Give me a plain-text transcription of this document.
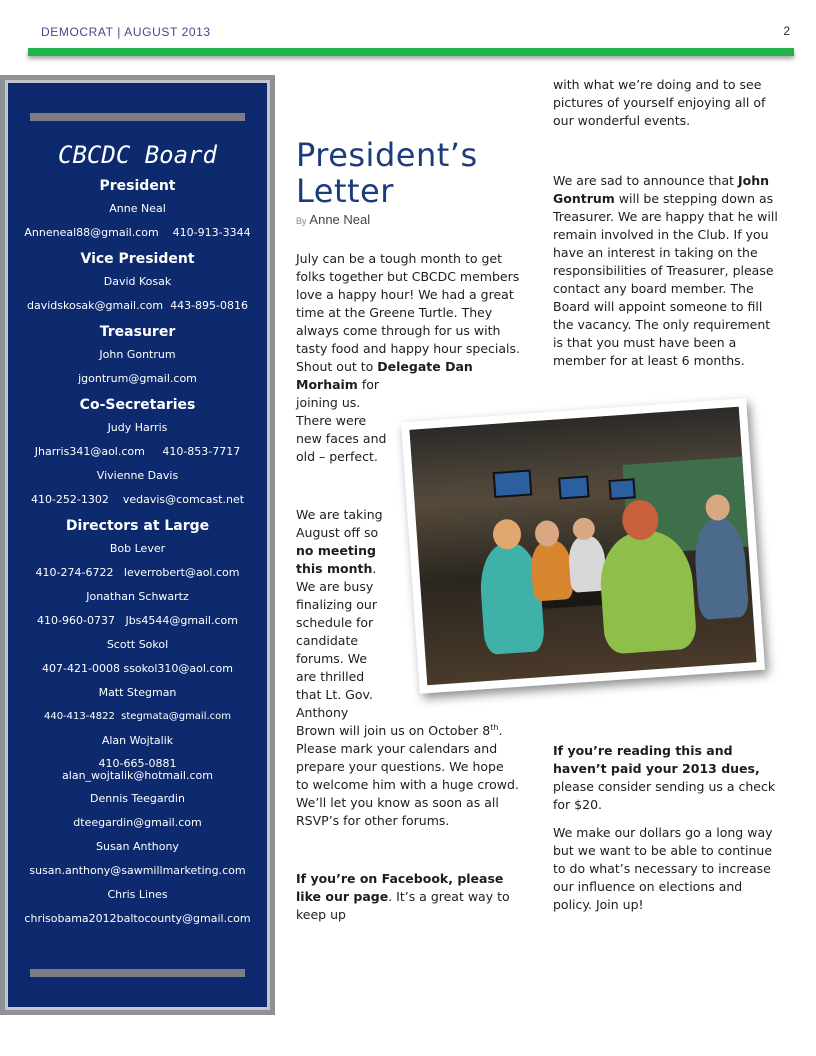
DEMOCRAT | AUGUST 2013	2
CBCDC Board
President
Anne Neal
Anneneal88@gmail.com    410-913-3344
Vice President
David Kosak
davidskosak@gmail.com  443-895-0816
Treasurer
John Gontrum
jgontrum@gmail.com
Co-Secretaries
Judy Harris
Jharris341@aol.com     410-853-7717
Vivienne Davis
410-252-1302    vedavis@comcast.net
Directors at Large
Bob Lever
410-274-6722   leverrobert@aol.com
Jonathan Schwartz
410-960-0737   Jbs4544@gmail.com
Scott Sokol
407-421-0008 ssokol310@aol.com
Matt Stegman
440-413-4822  stegmata@gmail.com
Alan Wojtalik
410-665-0881
alan_wojtalik@hotmail.com
Dennis Teegardin
dteegardin@gmail.com
Susan Anthony
susan.anthony@sawmillmarketing.com
Chris Lines
chrisobama2012baltocounty@gmail.com
President’s
Letter
By Anne Neal

July can be a tough month to get folks together but CBCDC members love a happy hour! We had a great time at the Greene Turtle. They always come through for us with tasty food and happy hour specials. Shout out to Delegate Dan Morhaim for

joining us.
There were
new faces and
old – perfect.

We are taking August off so no meeting this month. We are busy finalizing our schedule for candidate forums. We are thrilled that Lt. Gov. Anthony

Brown will join us on October 8th. Please mark your calendars and prepare your questions. We hope to welcome him with a huge crowd. We’ll let you know as soon as all RSVP’s for other forums.

If you’re on Facebook, please like our page. It’s a great way to keep up

with what we’re doing and to see pictures of yourself enjoying all of our wonderful events.

We are sad to announce that John Gontrum will be stepping down as Treasurer. We are happy that he will remain involved in the Club. If you have an interest in taking on the responsibilities of Treasurer, please contact any board member. The Board will appoint someone to fill the vacancy. The only requirement is that you must have been a member for at least 6 months.

If you’re reading this and haven’t paid your 2013 dues, please consider sending us a check for $20.

We make our dollars go a long way but we want to be able to continue to do what’s necessary to increase our influence on elections and policy. Join up!
